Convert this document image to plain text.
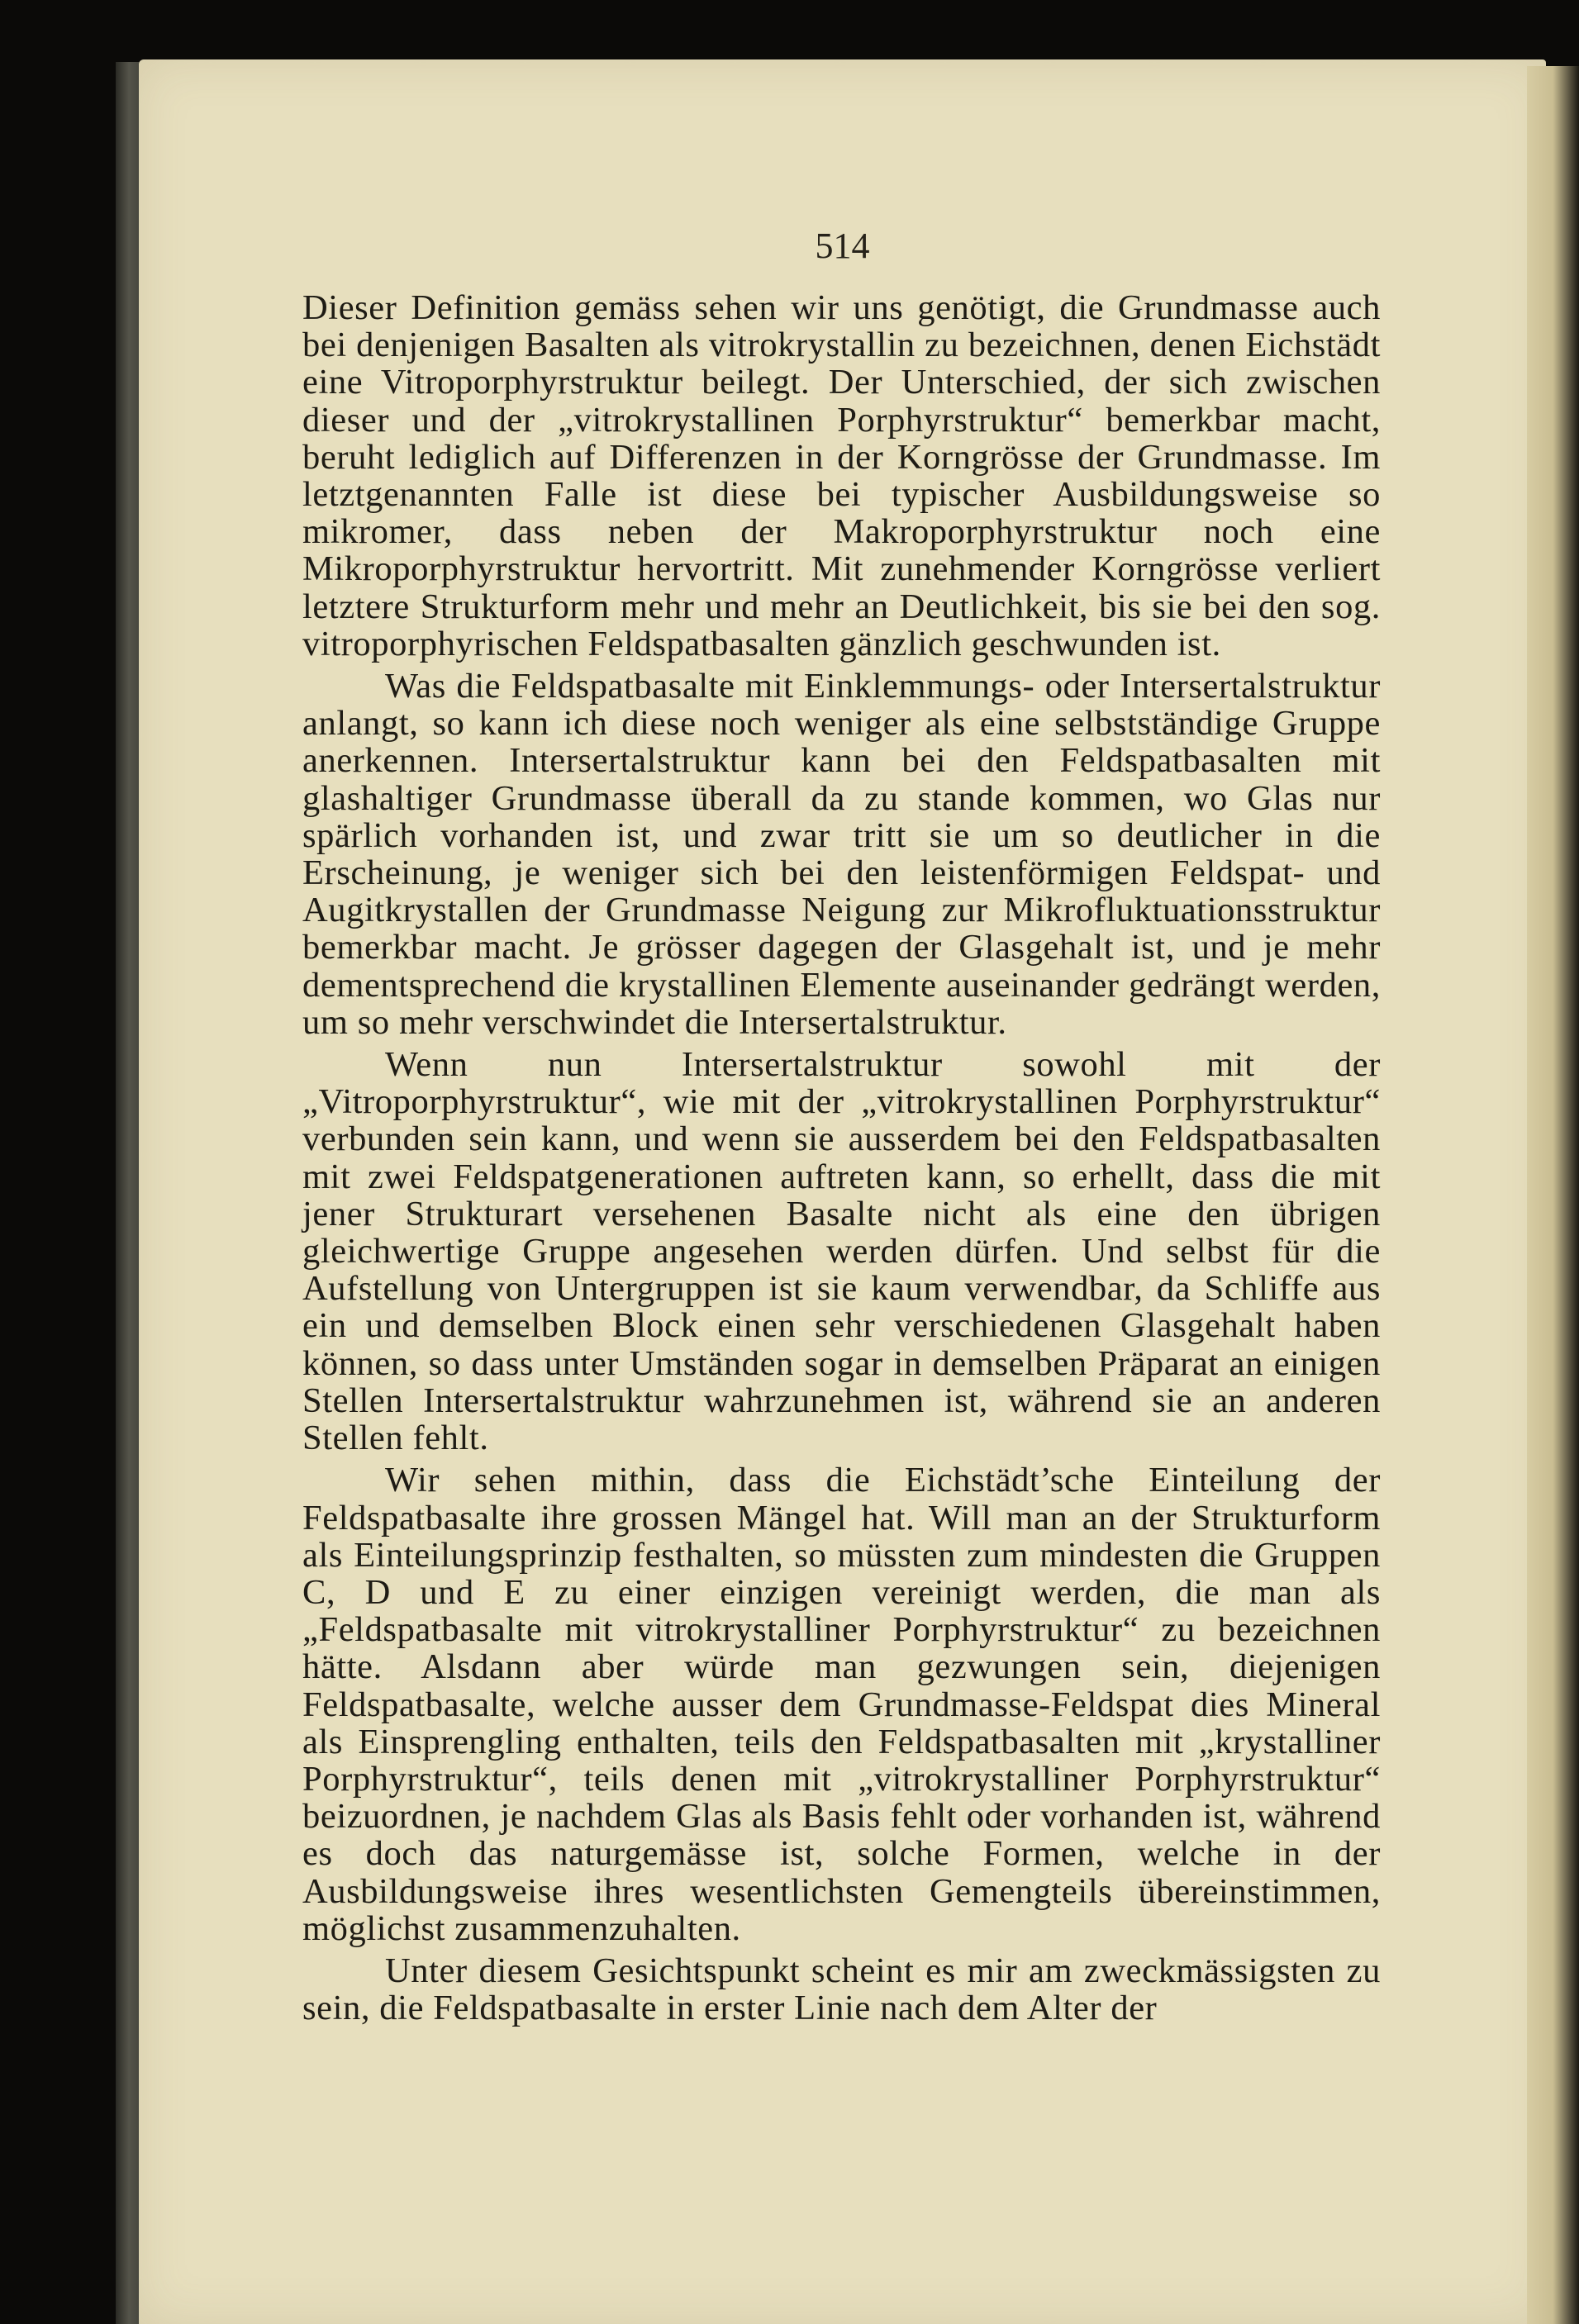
514

Dieser Definition gemäss sehen wir uns genötigt, die Grundmasse auch bei denjenigen Basalten als vitrokrystallin zu bezeichnen, denen Eichstädt eine Vitroporphyrstruktur beilegt. Der Unterschied, der sich zwischen dieser und der „vitrokrystallinen Porphyrstruktur“ bemerkbar macht, beruht lediglich auf Differenzen in der Korngrösse der Grundmasse. Im letztgenannten Falle ist diese bei typischer Ausbildungsweise so mikromer, dass neben der Makroporphyrstruktur noch eine Mikroporphyrstruktur hervortritt. Mit zunehmender Korngrösse verliert letztere Strukturform mehr und mehr an Deutlichkeit, bis sie bei den sog. vitroporphyrischen Feldspatbasalten gänzlich geschwunden ist.

Was die Feldspatbasalte mit Einklemmungs- oder Intersertalstruktur anlangt, so kann ich diese noch weniger als eine selbstständige Gruppe anerkennen. Intersertalstruktur kann bei den Feldspatbasalten mit glashaltiger Grundmasse überall da zu stande kommen, wo Glas nur spärlich vorhanden ist, und zwar tritt sie um so deutlicher in die Erscheinung, je weniger sich bei den leistenförmigen Feldspat- und Augitkrystallen der Grundmasse Neigung zur Mikrofluktuationsstruktur bemerkbar macht. Je grösser dagegen der Glasgehalt ist, und je mehr dementsprechend die krystallinen Elemente auseinander gedrängt werden, um so mehr verschwindet die Intersertalstruktur.

Wenn nun Intersertalstruktur sowohl mit der „Vitroporphyrstruktur“, wie mit der „vitrokrystallinen Porphyrstruktur“ verbunden sein kann, und wenn sie ausserdem bei den Feldspatbasalten mit zwei Feldspatgenerationen auftreten kann, so erhellt, dass die mit jener Strukturart versehenen Basalte nicht als eine den übrigen gleichwertige Gruppe angesehen werden dürfen. Und selbst für die Aufstellung von Untergruppen ist sie kaum verwendbar, da Schliffe aus ein und demselben Block einen sehr verschiedenen Glasgehalt haben können, so dass unter Umständen sogar in demselben Präparat an einigen Stellen Intersertalstruktur wahrzunehmen ist, während sie an anderen Stellen fehlt.

Wir sehen mithin, dass die Eichstädt’sche Einteilung der Feldspatbasalte ihre grossen Mängel hat. Will man an der Strukturform als Einteilungsprinzip festhalten, so müssten zum mindesten die Gruppen C, D und E zu einer einzigen vereinigt werden, die man als „Feldspatbasalte mit vitrokrystalliner Porphyrstruktur“ zu bezeichnen hätte. Alsdann aber würde man gezwungen sein, diejenigen Feldspatbasalte, welche ausser dem Grundmasse-Feldspat dies Mineral als Einsprengling enthalten, teils den Feldspatbasalten mit „krystalliner Porphyrstruktur“, teils denen mit „vitrokrystalliner Porphyrstruktur“ beizuordnen, je nachdem Glas als Basis fehlt oder vorhanden ist, während es doch das naturgemässe ist, solche Formen, welche in der Ausbildungsweise ihres wesentlichsten Gemengteils übereinstimmen, möglichst zusammenzuhalten.

Unter diesem Gesichtspunkt scheint es mir am zweckmässigsten zu sein, die Feldspatbasalte in erster Linie nach dem Alter der
